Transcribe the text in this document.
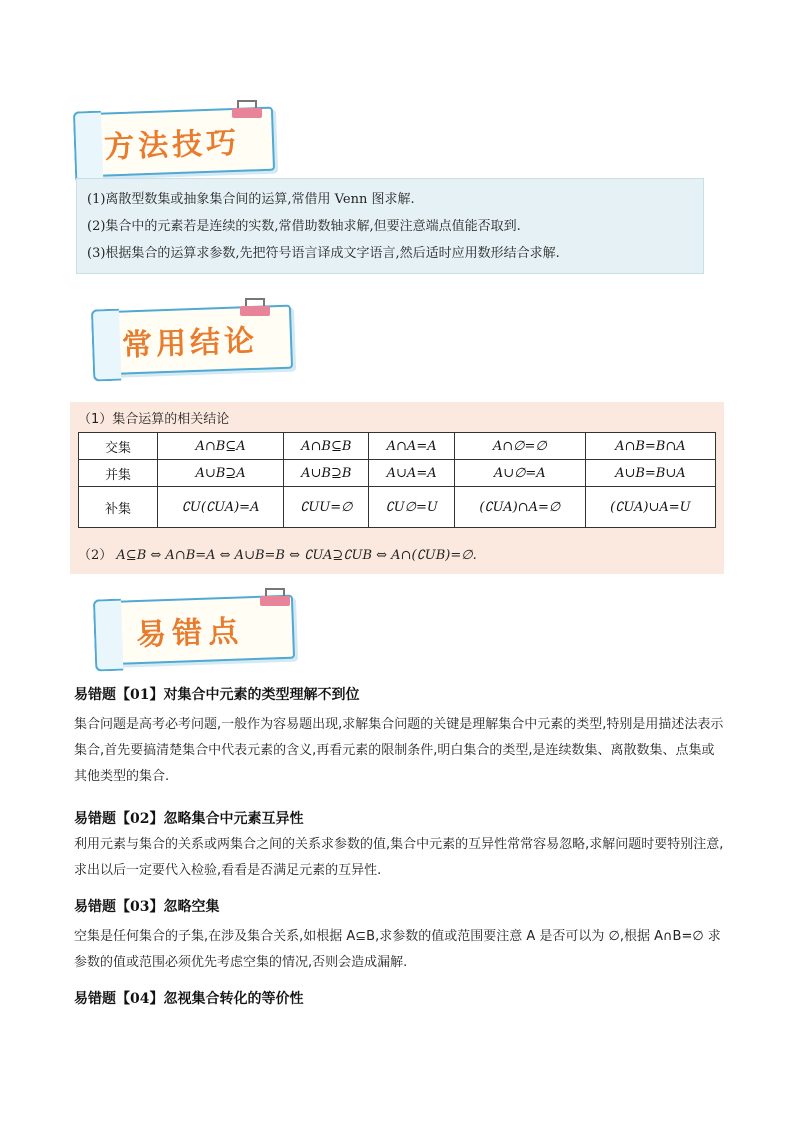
方法技巧
(1)离散型数集或抽象集合间的运算,常借用 Venn 图求解.
(2)集合中的元素若是连续的实数,常借助数轴求解,但要注意端点值能否取到.
(3)根据集合的运算求参数,先把符号语言译成文字语言,然后适时应用数形结合求解.
常用结论
（1）集合运算的相关结论
交集	A∩B⊆A	A∩B⊆B	A∩A=A	A∩∅=∅	A∩B=B∩A
并集	A∪B⊇A	A∪B⊇B	A∪A=A	A∪∅=A	A∪B=B∪A
补集	∁U(∁UA)=A	∁UU=∅	∁U∅=U	(∁UA)∩A=∅	(∁UA)∪A=U
（2） A⊆B ⇔ A∩B=A ⇔ A∪B=B ⇔ ∁UA⊇∁UB ⇔ A∩(∁UB)=∅.
易错点
易错题【01】对集合中元素的类型理解不到位
集合问题是高考必考问题,一般作为容易题出现,求解集合问题的关键是理解集合中元素的类型,特别是用描述法表示集合,首先要搞清楚集合中代表元素的含义,再看元素的限制条件,明白集合的类型,是连续数集、离散数集、点集或其他类型的集合.
易错题【02】忽略集合中元素互异性
利用元素与集合的关系或两集合之间的关系求参数的值,集合中元素的互异性常常容易忽略,求解问题时要特别注意,求出以后一定要代入检验,看看是否满足元素的互异性.
易错题【03】忽略空集
空集是任何集合的子集,在涉及集合关系,如根据 A⊆B,求参数的值或范围要注意 A 是否可以为 ∅,根据 A∩B=∅ 求参数的值或范围必须优先考虑空集的情况,否则会造成漏解.
易错题【04】忽视集合转化的等价性
